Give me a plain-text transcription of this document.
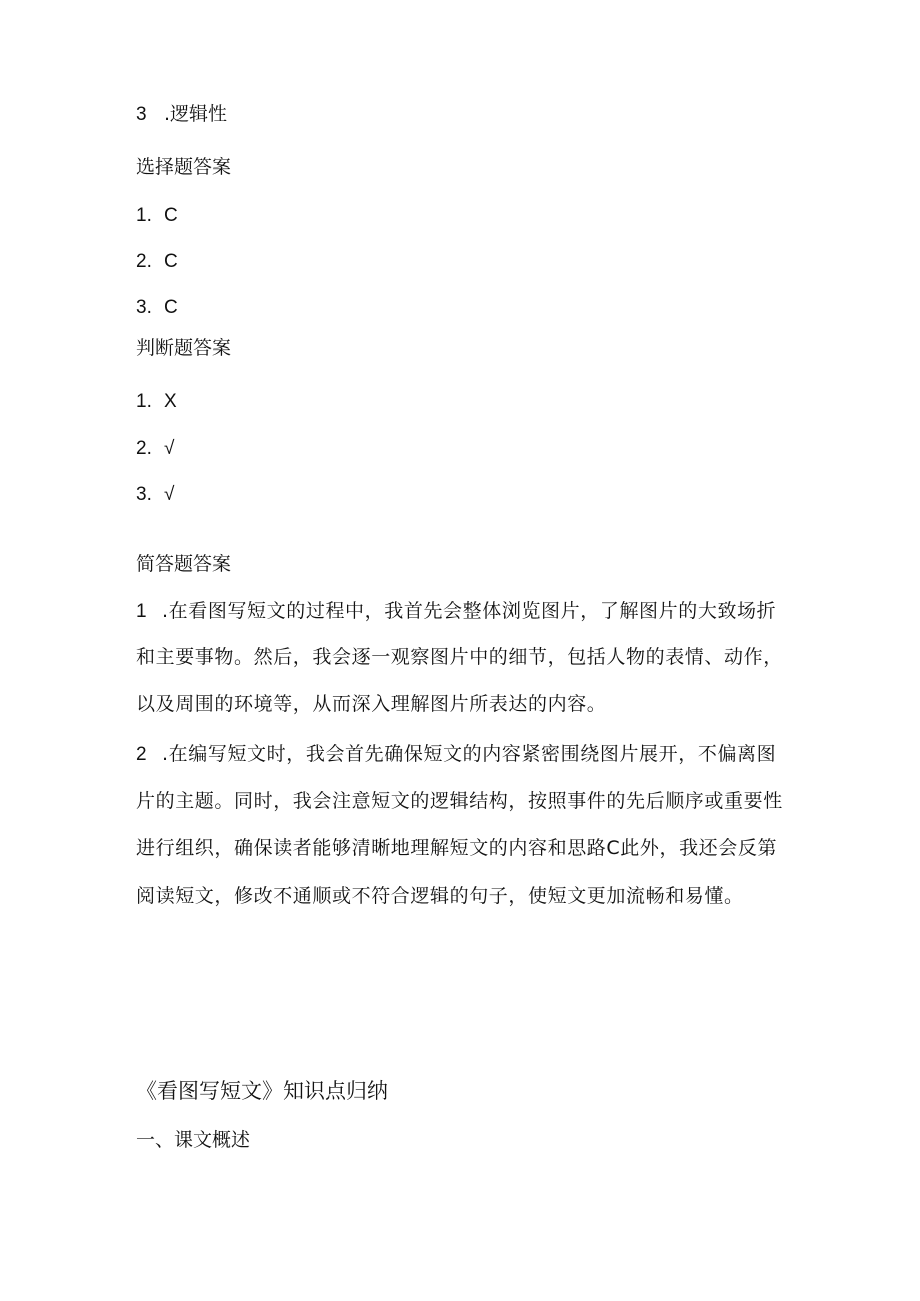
3 .逻辑性
选择题答案
1. C
2. C
3. C
判断题答案
1. X
2. √
3. √
简答题答案
1 .在看图写短文的过程中，我首先会整体浏览图片，了解图片的大致场折
和主要事物。然后，我会逐一观察图片中的细节，包括人物的表情、动作，
以及周围的环境等，从而深入理解图片所表达的内容。
2 .在编写短文时，我会首先确保短文的内容紧密围绕图片展开，不偏离图
片的主题。同时，我会注意短文的逻辑结构，按照事件的先后顺序或重要性
进行组织，确保读者能够清晰地理解短文的内容和思路C此外，我还会反第
阅读短文，修改不通顺或不符合逻辑的句子，使短文更加流畅和易懂。
《看图写短文》知识点归纳
一、课文概述
